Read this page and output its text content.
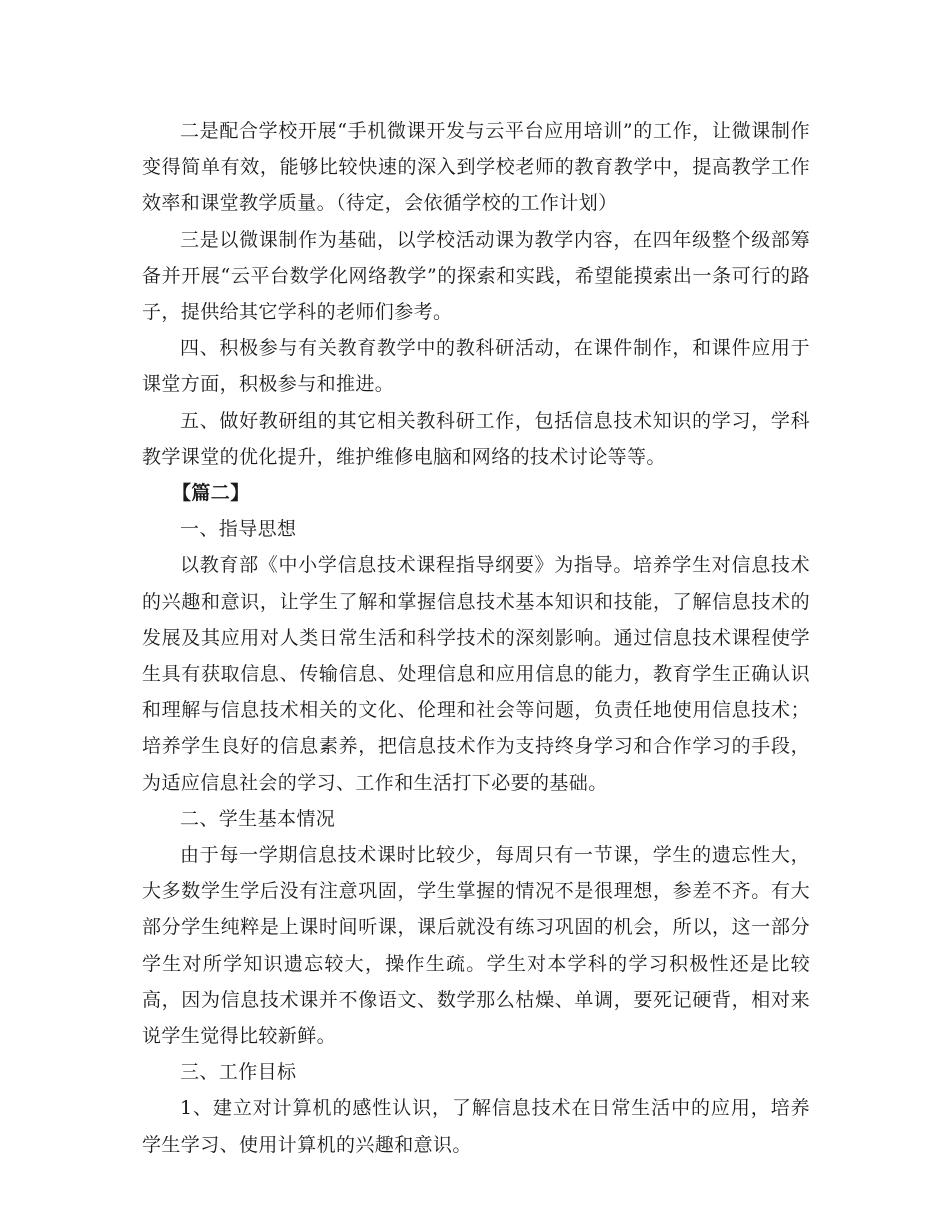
二是配合学校开展“手机微课开发与云平台应用培训”的工作，让微课制作变得简单有效，能够比较快速的深入到学校老师的教育教学中，提高教学工作效率和课堂教学质量。（待定，会依循学校的工作计划）

三是以微课制作为基础，以学校活动课为教学内容，在四年级整个级部筹备并开展“云平台数学化网络教学”的探索和实践，希望能摸索出一条可行的路子，提供给其它学科的老师们参考。

四、积极参与有关教育教学中的教科研活动，在课件制作，和课件应用于课堂方面，积极参与和推进。

五、做好教研组的其它相关教科研工作，包括信息技术知识的学习，学科教学课堂的优化提升，维护维修电脑和网络的技术讨论等等。

【篇二】

一、指导思想

以教育部《中小学信息技术课程指导纲要》为指导。培养学生对信息技术的兴趣和意识，让学生了解和掌握信息技术基本知识和技能，了解信息技术的发展及其应用对人类日常生活和科学技术的深刻影响。通过信息技术课程使学生具有获取信息、传输信息、处理信息和应用信息的能力，教育学生正确认识和理解与信息技术相关的文化、伦理和社会等问题，负责任地使用信息技术；培养学生良好的信息素养，把信息技术作为支持终身学习和合作学习的手段，为适应信息社会的学习、工作和生活打下必要的基础。

二、学生基本情况

由于每一学期信息技术课时比较少，每周只有一节课，学生的遗忘性大，大多数学生学后没有注意巩固，学生掌握的情况不是很理想，参差不齐。有大部分学生纯粹是上课时间听课，课后就没有练习巩固的机会，所以，这一部分学生对所学知识遗忘较大，操作生疏。学生对本学科的学习积极性还是比较高，因为信息技术课并不像语文、数学那么枯燥、单调，要死记硬背，相对来说学生觉得比较新鲜。

三、工作目标

1、建立对计算机的感性认识，了解信息技术在日常生活中的应用，培养学生学习、使用计算机的兴趣和意识。
